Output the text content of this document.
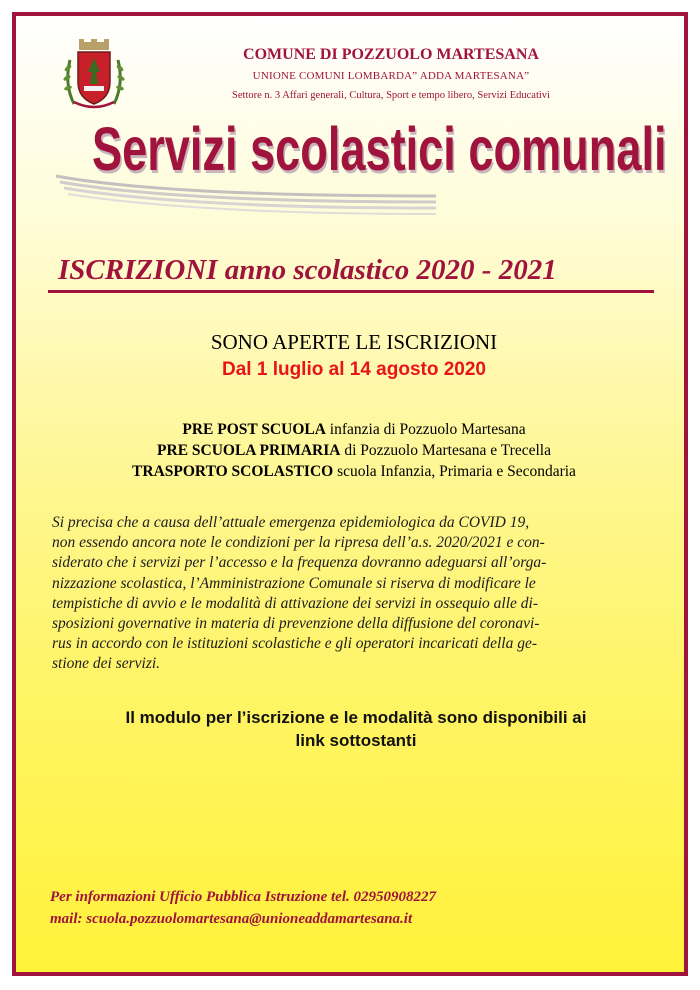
COMUNE DI POZZUOLO MARTESANA
UNIONE COMUNI LOMBARDA” ADDA MARTESANA”
Settore n. 3 Affari generali, Cultura, Sport e tempo libero, Servizi Educativi
Servizi scolastici comunali
ISCRIZIONI anno scolastico 2020 - 2021
SONO APERTE LE ISCRIZIONI
Dal 1 luglio al 14 agosto 2020
PRE POST SCUOLA infanzia di Pozzuolo Martesana
PRE SCUOLA PRIMARIA di Pozzuolo Martesana e Trecella
TRASPORTO SCOLASTICO scuola Infanzia, Primaria e Secondaria
Si precisa che a causa dell’attuale emergenza epidemiologica da COVID 19,
non essendo ancora note le condizioni per la ripresa dell’a.s. 2020/2021 e con-
siderato che i servizi per l’accesso e la frequenza dovranno adeguarsi all’orga-
nizzazione scolastica, l’Amministrazione Comunale si riserva di modificare le
tempistiche di avvio e le modalità di attivazione dei servizi in ossequio alle di-
sposizioni governative in materia di prevenzione della diffusione del coronavi-
rus in accordo con le istituzioni scolastiche e gli operatori incaricati della ge-
stione dei servizi.
Il modulo per l’iscrizione e le modalità sono disponibili ai
link sottostanti
Per informazioni Ufficio Pubblica Istruzione tel. 02950908227
mail: scuola.pozzuolomartesana@unioneaddamartesana.it
